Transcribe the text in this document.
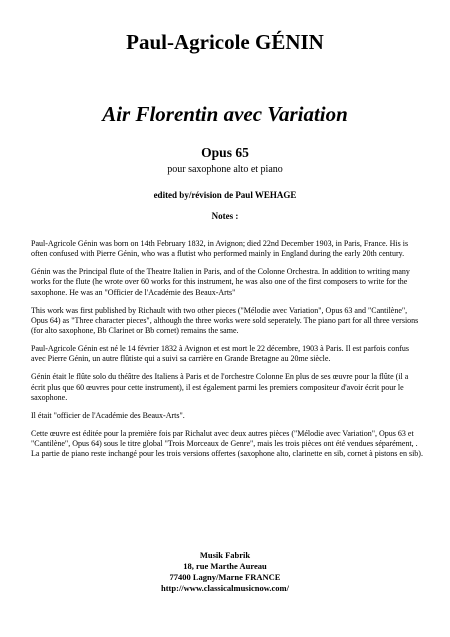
Paul-Agricole GÉNIN
Air Florentin avec Variation
Opus 65
pour saxophone alto et piano
edited by/révision de Paul WEHAGE
Notes :

Paul-Agricole Génin was born on 14th February 1832, in Avignon; died 22nd December 1903, in Paris, France. His is often confused with Pierre Génin, who was a flutist who performed mainly in England during the early 20th century.

Génin was the Principal flute of the Theatre Italien in Paris, and of the Colonne Orchestra. In addition to writing many works for the flute (he wrote over 60 works for this instrument, he was also one of the first composers to write for the saxophone. He was an "Officier de l'Académie des Beaux-Arts"

This work was first published by Richault with two other pieces ("Mélodie avec Variation", Opus 63 and "Cantilène", Opus 64) as "Three character pieces", although the three works were sold seperately. The piano part for all three versions (for alto saxophone, Bb Clarinet or Bb cornet) remains the same.

Paul-Agricole Génin est né le 14 février 1832 à Avignon et est mort le 22 décembre, 1903 à Paris. Il est parfois confus avec Pierre Génin, un autre flûtiste qui a suivi sa carrière en Grande Bretagne au 20me siècle.

Génin était le flûte solo du théâtre des Italiens à Paris et de l'orchestre Colonne En plus de ses œuvre pour la flûte (il a écrit plus que 60 œuvres pour cette instrument), il est également parmi les premiers compositeur d'avoir écrit pour le saxophone.

Il était "officier de l'Académie des Beaux-Arts".

Cette œuvre est éditée pour la première fois par Richalut avec deux autres pièces ("Mélodie avec Variation", Opus 63 et "Cantilène", Opus 64) sous le titre global "Trois Morceaux de Genre", mais les trois pièces ont été vendues séparément, . La partie de piano reste inchangé pour les trois versions offertes (saxophone alto, clarinette en sib, cornet à pistons en sib).

Musik Fabrik
18, rue Marthe Aureau
77400 Lagny/Marne FRANCE
http://www.classicalmusicnow.com/
